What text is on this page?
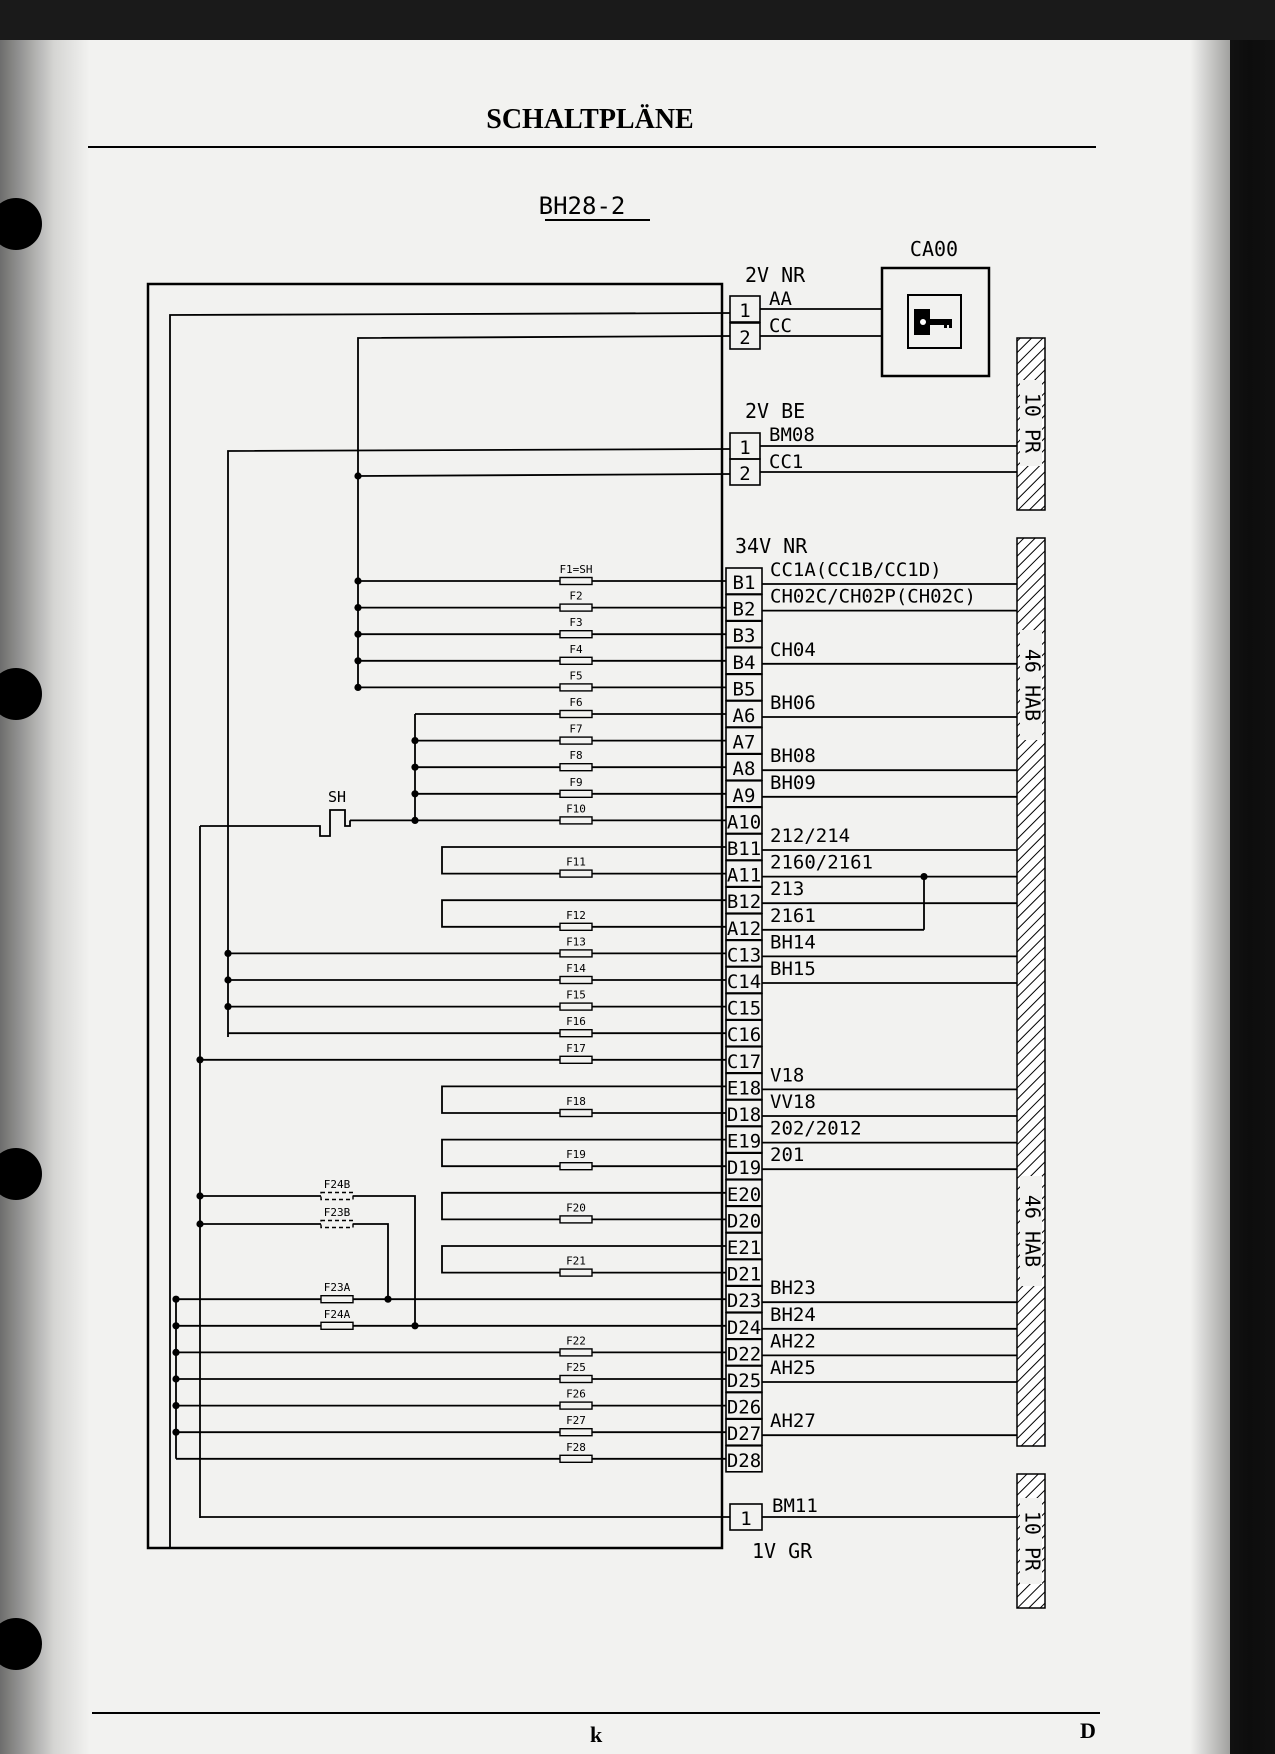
SCHALTPLÄNE
BH28-2
CA00
F1=SH
F2
F3
F4
F5
F6
F7
F8
F9
F10
F11
F12
F13
F14
F15
F16
F17
F18
F19
F20
F21
F22
F25
F26
F27
F28
F23A
F24A
F24B
F23B
1
2
1
2
B1
B2
B3
B4
B5
A6
A7
A8
A9
A10
B11
A11
B12
A12
C13
C14
C15
C16
C17
E18
D18
E19
D19
E20
D20
E21
D21
D23
D24
D22
D25
D26
D27
D28
1
AA
CC
BM08
CC1
CC1A(CC1B/CC1D)
CH02C/CH02P(CH02C)
CH04
BH06
BH08
BH09
212/214
2160/2161
213
2161
BH14
BH15
V18
VV18
202/2012
201
BH23
BH24
AH22
AH25
AH27
BM11
2V NR
2V BE
34V NR
1V GR
10 PR
46 HAB
46 HAB
10 PR
SH
k	D
